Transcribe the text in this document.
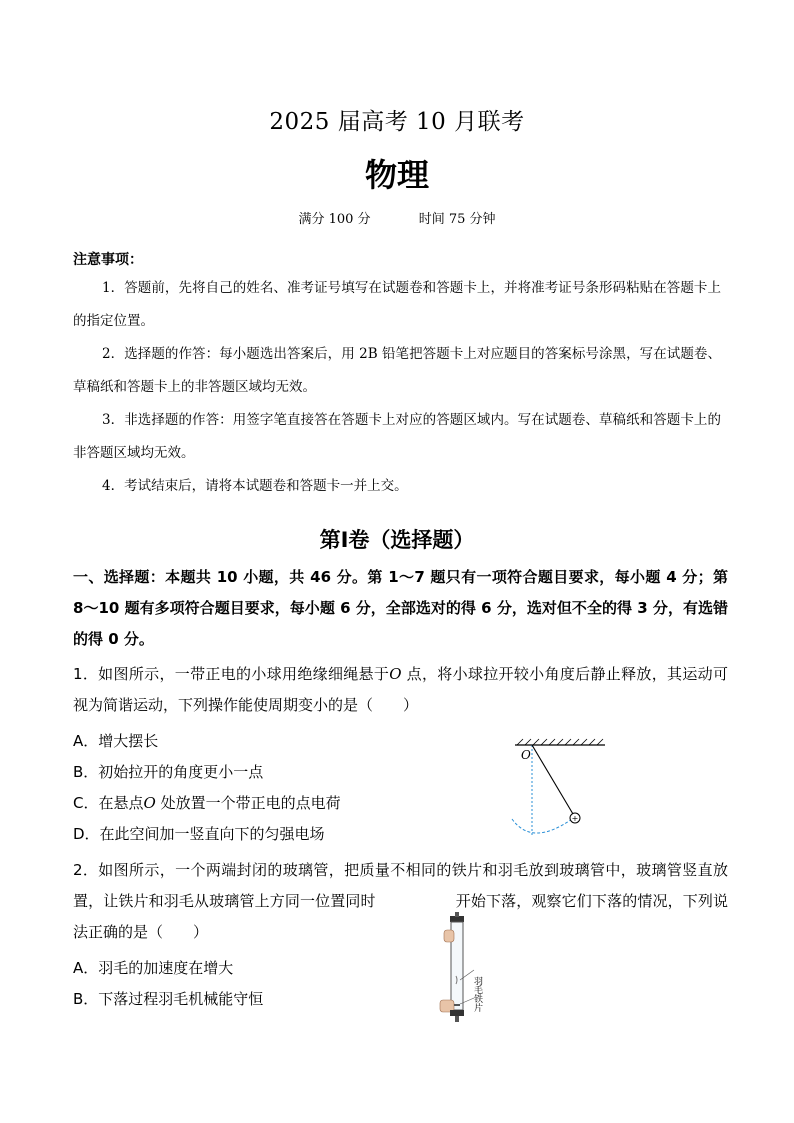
2025 届高考 10 月联考
物理
满分 100 分	时间 75 分钟
注意事项：
1．答题前，先将自己的姓名、准考证号填写在试题卷和答题卡上，并将准考证号条形码粘贴在答题卡上的指定位置。
2．选择题的作答：每小题选出答案后，用 2B 铅笔把答题卡上对应题目的答案标号涂黑，写在试题卷、草稿纸和答题卡上的非答题区域均无效。
3．非选择题的作答：用签字笔直接答在答题卡上对应的答题区域内。写在试题卷、草稿纸和答题卡上的非答题区域均无效。
4．考试结束后，请将本试题卷和答题卡一并上交。
第Ⅰ卷（选择题）
一、选择题：本题共 10 小题，共 46 分。第 1～7 题只有一项符合题目要求，每小题 4 分；第 8～10 题有多项符合题目要求，每小题 6 分，全部选对的得 6 分，选对但不全的得 3 分，有选错的得 0 分。
1．如图所示，一带正电的小球用绝缘细绳悬于O 点，将小球拉开较小角度后静止释放，其运动可视为简谐运动，下列操作能使周期变小的是（　　）
A．增大摆长
B．初始拉开的角度更小一点
C．在悬点O 处放置一个带正电的点电荷
D．在此空间加一竖直向下的匀强电场
O
+
2．如图所示，一个两端封闭的玻璃管，把质量不相同的铁片和羽毛放到玻璃管中，玻璃管竖直放置，让铁片和羽毛从玻璃管上方同一位置同时	开始下落，观察它们下落的情况，下列说法正确的是（　　）
A．羽毛的加速度在增大
B．下落过程羽毛机械能守恒
羽毛
铁片
